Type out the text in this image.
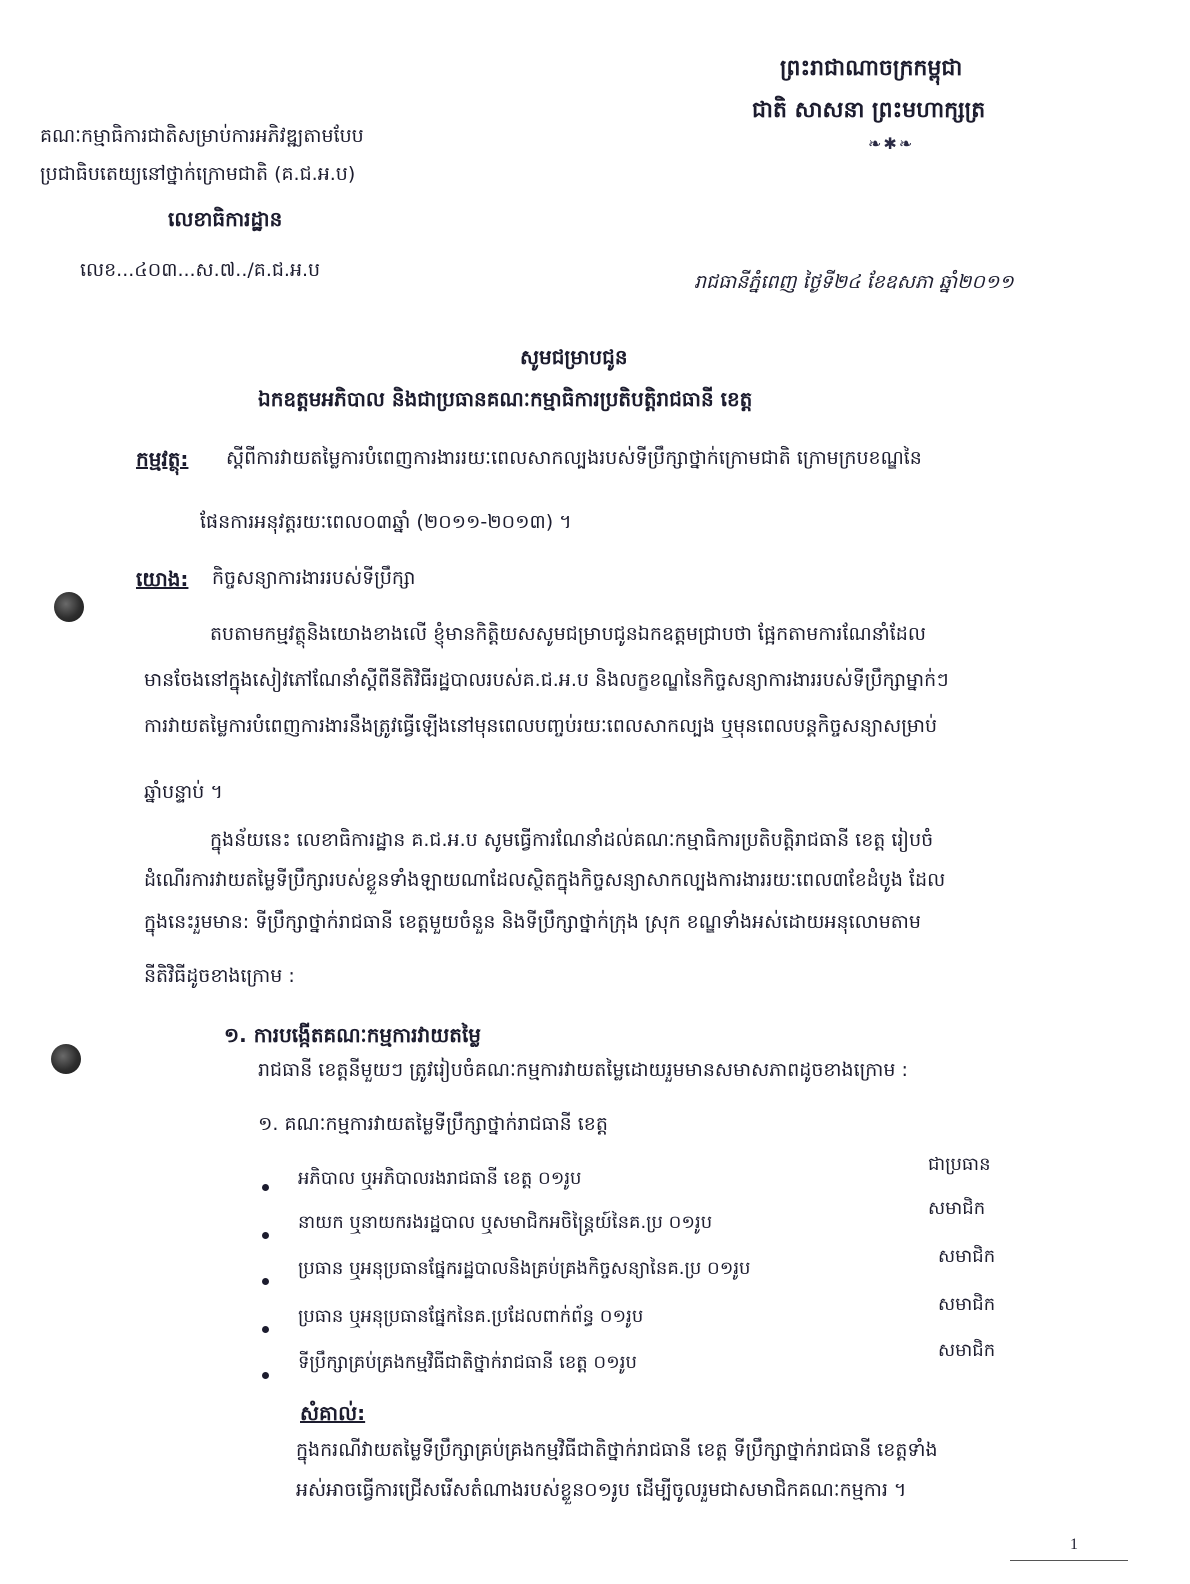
ព្រះរាជាណាចក្រកម្ពុជា
ជាតិ សាសនា ព្រះមហាក្សត្រ
❧✱❧
គណៈកម្មាធិការជាតិសម្រាប់ការអភិវឌ្ឍតាមបែប
ប្រជាធិបតេយ្យនៅថ្នាក់ក្រោមជាតិ (គ.ជ.អ.ប)
លេខាធិការដ្ឋាន
លេខ...៤០៣...ស.៧../គ.ជ.អ.ប
រាជធានីភ្នំពេញ ថ្ងៃទី២៤ ខែឧសភា ឆ្នាំ២០១១
សូមជម្រាបជូន
ឯកឧត្តមអភិបាល និងជាប្រធានគណៈកម្មាធិការប្រតិបត្តិរាជធានី ខេត្ត
កម្មវត្ថុ: ស្តីពីការវាយតម្លៃការបំពេញការងាររយៈពេលសាកល្បងរបស់ទីប្រឹក្សាថ្នាក់ក្រោមជាតិ ក្រោមក្របខណ្ឌនៃ
ផែនការអនុវត្តរយៈពេល០៣ឆ្នាំ (២០១១-២០១៣) ។
យោង: កិច្ចសន្យាការងាររបស់ទីប្រឹក្សា
តបតាមកម្មវត្ថុនិងយោងខាងលើ ខ្ញុំមានកិត្តិយសសូមជម្រាបជូនឯកឧត្តមជ្រាបថា ផ្អែកតាមការណែនាំដែល
មានចែងនៅក្នុងសៀវភៅណែនាំស្តីពីនីតិវិធីរដ្ឋបាលរបស់គ.ជ.អ.ប និងលក្ខខណ្ឌនៃកិច្ចសន្យាការងាររបស់ទីប្រឹក្សាម្នាក់ៗ
ការវាយតម្លៃការបំពេញការងារនឹងត្រូវធ្វើឡើងនៅមុនពេលបញ្ចប់រយៈពេលសាកល្បង ឬមុនពេលបន្តកិច្ចសន្យាសម្រាប់
ឆ្នាំបន្ទាប់ ។
ក្នុងន័យនេះ លេខាធិការដ្ឋាន គ.ជ.អ.ប សូមធ្វើការណែនាំដល់គណៈកម្មាធិការប្រតិបត្តិរាជធានី ខេត្ត រៀបចំ
ដំណើរការវាយតម្លៃទីប្រឹក្សារបស់ខ្លួនទាំងឡាយណាដែលស្ថិតក្នុងកិច្ចសន្យាសាកល្បងការងាររយៈពេល៣ខែដំបូង ដែល
ក្នុងនេះរួមមាន: ទីប្រឹក្សាថ្នាក់រាជធានី ខេត្តមួយចំនួន និងទីប្រឹក្សាថ្នាក់ក្រុង ស្រុក ខណ្ឌទាំងអស់ដោយអនុលោមតាម
នីតិវិធីដូចខាងក្រោម :
១. ការបង្កើតគណៈកម្មការវាយតម្លៃ
រាជធានី ខេត្តនីមួយៗ ត្រូវរៀបចំគណៈកម្មការវាយតម្លៃដោយរួមមានសមាសភាពដូចខាងក្រោម :
១. គណៈកម្មការវាយតម្លៃទីប្រឹក្សាថ្នាក់រាជធានី ខេត្ត
អភិបាល ឬអភិបាលរងរាជធានី ខេត្ត ០១រូប
ជាប្រធាន
នាយក ឬនាយករងរដ្ឋបាល ឬសមាជិកអចិន្ត្រៃយ៍នៃគ.ប្រ ០១រូប
សមាជិក
ប្រធាន ឬអនុប្រធានផ្នែករដ្ឋបាលនិងគ្រប់គ្រងកិច្ចសន្យានៃគ.ប្រ ០១រូប
សមាជិក
ប្រធាន ឬអនុប្រធានផ្នែកនៃគ.ប្រដែលពាក់ព័ន្ធ ០១រូប
សមាជិក
ទីប្រឹក្សាគ្រប់គ្រងកម្មវិធីជាតិថ្នាក់រាជធានី ខេត្ត ០១រូប
សមាជិក
សំគាល់:
ក្នុងករណីវាយតម្លៃទីប្រឹក្សាគ្រប់គ្រងកម្មវិធីជាតិថ្នាក់រាជធានី ខេត្ត ទីប្រឹក្សាថ្នាក់រាជធានី ខេត្តទាំង
អស់អាចធ្វើការជ្រើសរើសតំណាងរបស់ខ្លួន០១រូប ដើម្បីចូលរួមជាសមាជិកគណៈកម្មការ ។
1
